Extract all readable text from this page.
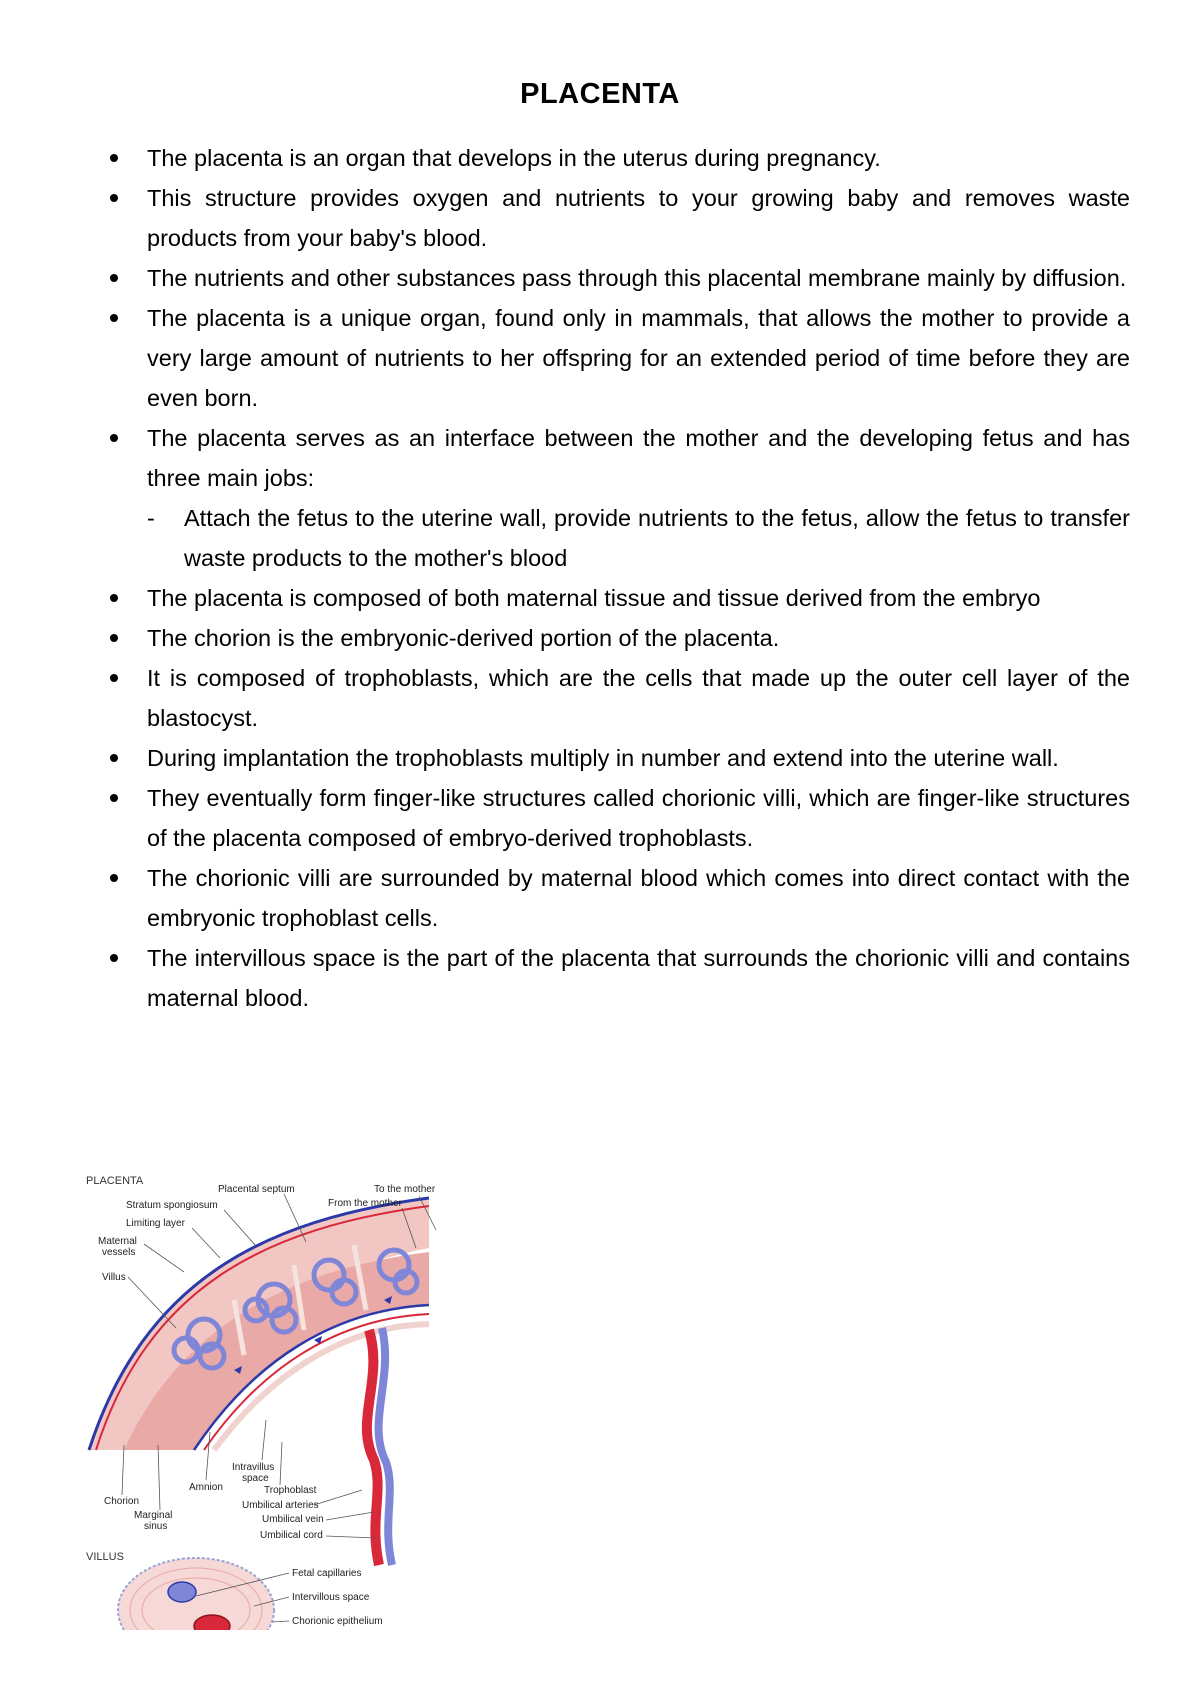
PLACENTA
The placenta is an organ that develops in the uterus during pregnancy.
This structure provides oxygen and nutrients to your growing baby and removes waste products from your baby's blood.
The nutrients and other substances pass through this placental membrane mainly by diffusion.
The placenta is a unique organ, found only in mammals, that allows the mother to provide a very large amount of nutrients to her offspring for an extended period of time before they are even born.
The placenta serves as an interface between the mother and the developing fetus and has three main jobs:
- Attach the fetus to the uterine wall, provide nutrients to the fetus, allow the fetus to transfer waste products to the mother's blood
The placenta is composed of both maternal tissue and tissue derived from the embryo
The chorion is the embryonic-derived portion of the placenta.
It is composed of trophoblasts, which are the cells that made up the outer cell layer of the blastocyst.
During implantation the trophoblasts multiply in number and extend into the uterine wall.
They eventually form finger-like structures called chorionic villi, which are finger-like structures of the placenta composed of embryo-derived trophoblasts.
The chorionic villi are surrounded by maternal blood which comes into direct contact with the embryonic trophoblast cells.
The intervillous space is the part of the placenta that surrounds the chorionic villi and contains maternal blood.
PLACENTA
VILLUS
Placental septum	To the mother
From the mother
Stratum spongiosum
Limiting layer
Maternal
vessels
Villus
Intravillus
space
Amnion	Trophoblast
Chorion	Umbilical arteries
Marginal
sinus
Umbilical vein
Umbilical cord
Fetal capillaries
Intervillous space
Chorionic epithelium
